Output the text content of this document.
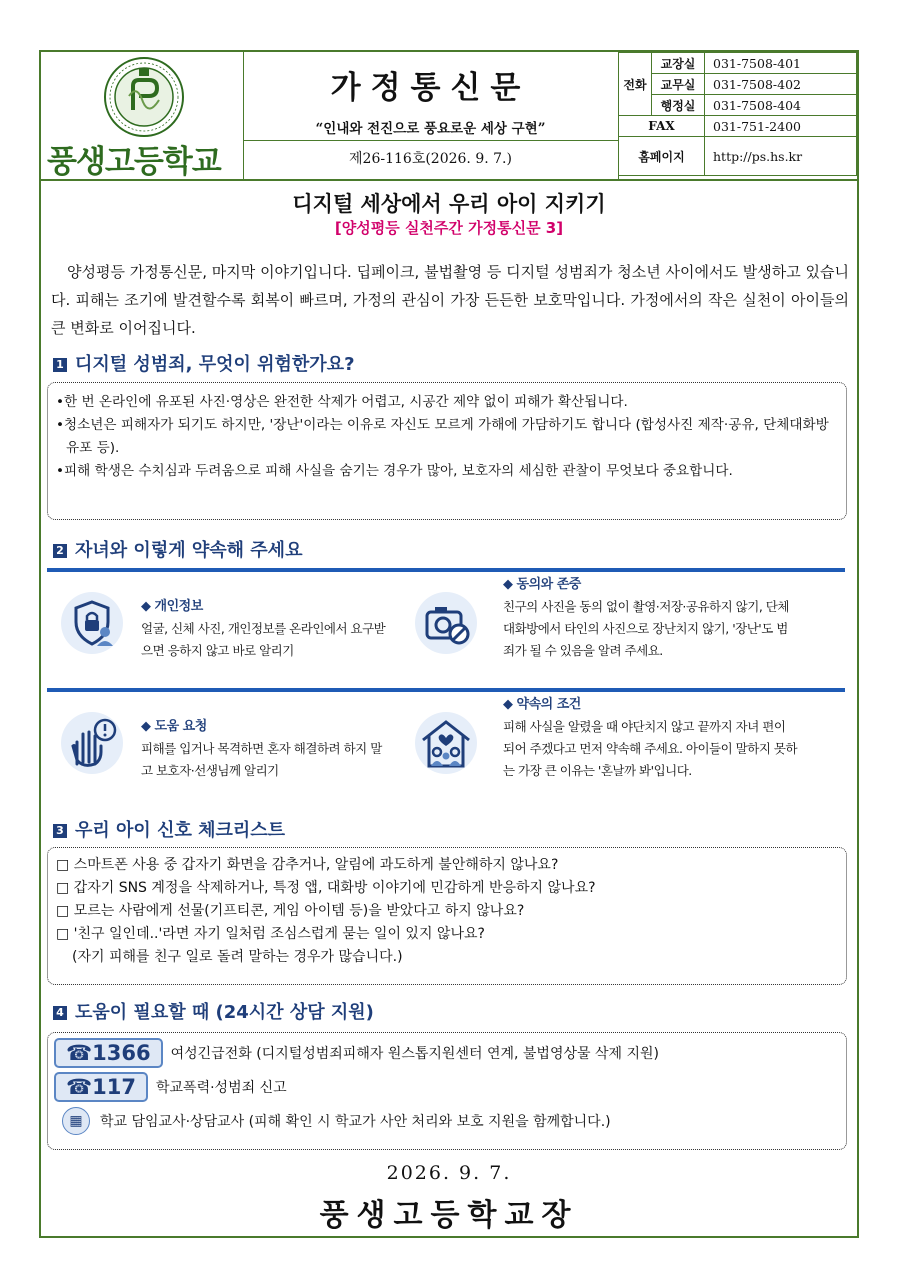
풍생고등학교
가정통신문
“인내와 전진으로 풍요로운 세상 구현”
제26-116호(2026. 9. 7.)
전화	교장실	031-7508-401
	교무실	031-7508-402
	행정실	031-7508-404
FAX		031-751-2400
홈페이지		http://ps.hs.kr
디지털 세상에서 우리 아이 지키기
[양성평등 실천주간 가정통신문 3]
양성평등 가정통신문, 마지막 이야기입니다. 딥페이크, 불법촬영 등 디지털 성범죄가 청소년 사이에서도 발생하고 있습니다. 피해는 조기에 발견할수록 회복이 빠르며, 가정의 관심이 가장 든든한 보호막입니다. 가정에서의 작은 실천이 아이들의 큰 변화로 이어집니다.
1 디지털 성범죄, 무엇이 위험한가요?
•한 번 온라인에 유포된 사진·영상은 완전한 삭제가 어렵고, 시공간 제약 없이 피해가 확산됩니다.
•청소년은 피해자가 되기도 하지만, '장난'이라는 이유로 자신도 모르게 가해에 가담하기도 합니다 (합성사진 제작·공유, 단체대화방 유포 등).
•피해 학생은 수치심과 두려움으로 피해 사실을 숨기는 경우가 많아, 보호자의 세심한 관찰이 무엇보다 중요합니다.
2 자녀와 이렇게 약속해 주세요
◆ 개인정보
얼굴, 신체 사진, 개인정보를 온라인에서 요구받으면 응하지 않고 바로 알리기
◆ 동의와 존중
친구의 사진을 동의 없이 촬영·저장·공유하지 않기, 단체대화방에서 타인의 사진으로 장난치지 않기, '장난'도 범죄가 될 수 있음을 알려 주세요.
◆ 도움 요청
피해를 입거나 목격하면 혼자 해결하려 하지 말고 보호자·선생님께 알리기
◆ 약속의 조건
피해 사실을 알렸을 때 야단치지 않고 끝까지 자녀 편이 되어 주겠다고 먼저 약속해 주세요. 아이들이 말하지 못하는 가장 큰 이유는 '혼날까 봐'입니다.
3 우리 아이 신호 체크리스트
□ 스마트폰 사용 중 갑자기 화면을 감추거나, 알림에 과도하게 불안해하지 않나요?
□ 갑자기 SNS 계정을 삭제하거나, 특정 앱, 대화방 이야기에 민감하게 반응하지 않나요?
□ 모르는 사람에게 선물(기프티콘, 게임 아이템 등)을 받았다고 하지 않나요?
□ '친구 일인데..'라면 자기 일처럼 조심스럽게 묻는 일이 있지 않나요?
(자기 피해를 친구 일로 돌려 말하는 경우가 많습니다.)
4 도움이 필요할 때 (24시간 상담 지원)
☎1366	여성긴급전화 (디지털성범죄피해자 원스톱지원센터 연계, 불법영상물 삭제 지원)
☎117	학교폭력·성범죄 신고
▦	학교 담임교사·상담교사 (피해 확인 시 학교가 사안 처리와 보호 지원을 함께합니다.)
2026. 9. 7.
풍생고등학교장
